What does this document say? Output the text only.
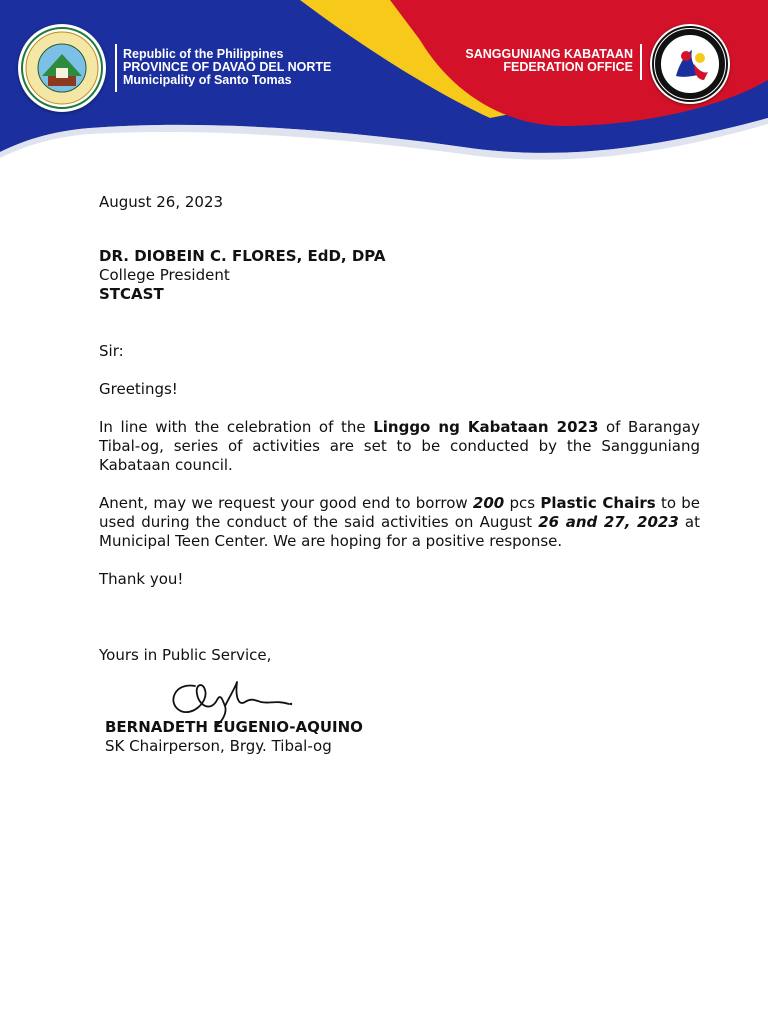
Republic of the Philippines
PROVINCE OF DAVAO DEL NORTE
Municipality of Santo Tomas
SANGGUNIANG KABATAAN
FEDERATION OFFICE

August 26, 2023

DR. DIOBEIN C. FLORES, EdD, DPA

College President

STCAST

Sir:

Greetings!

In line with the celebration of the Linggo ng Kabataan 2023 of Barangay Tibal-og, series of activities are set to be conducted by the Sangguniang Kabataan council.

Anent, may we request your good end to borrow 200 pcs Plastic Chairs to be used during the conduct of the said activities on August 26 and 27, 2023 at Municipal Teen Center. We are hoping for a positive response.

Thank you!

Yours in Public Service,

BERNADETH EUGENIO-AQUINO
SK Chairperson, Brgy. Tibal-og
